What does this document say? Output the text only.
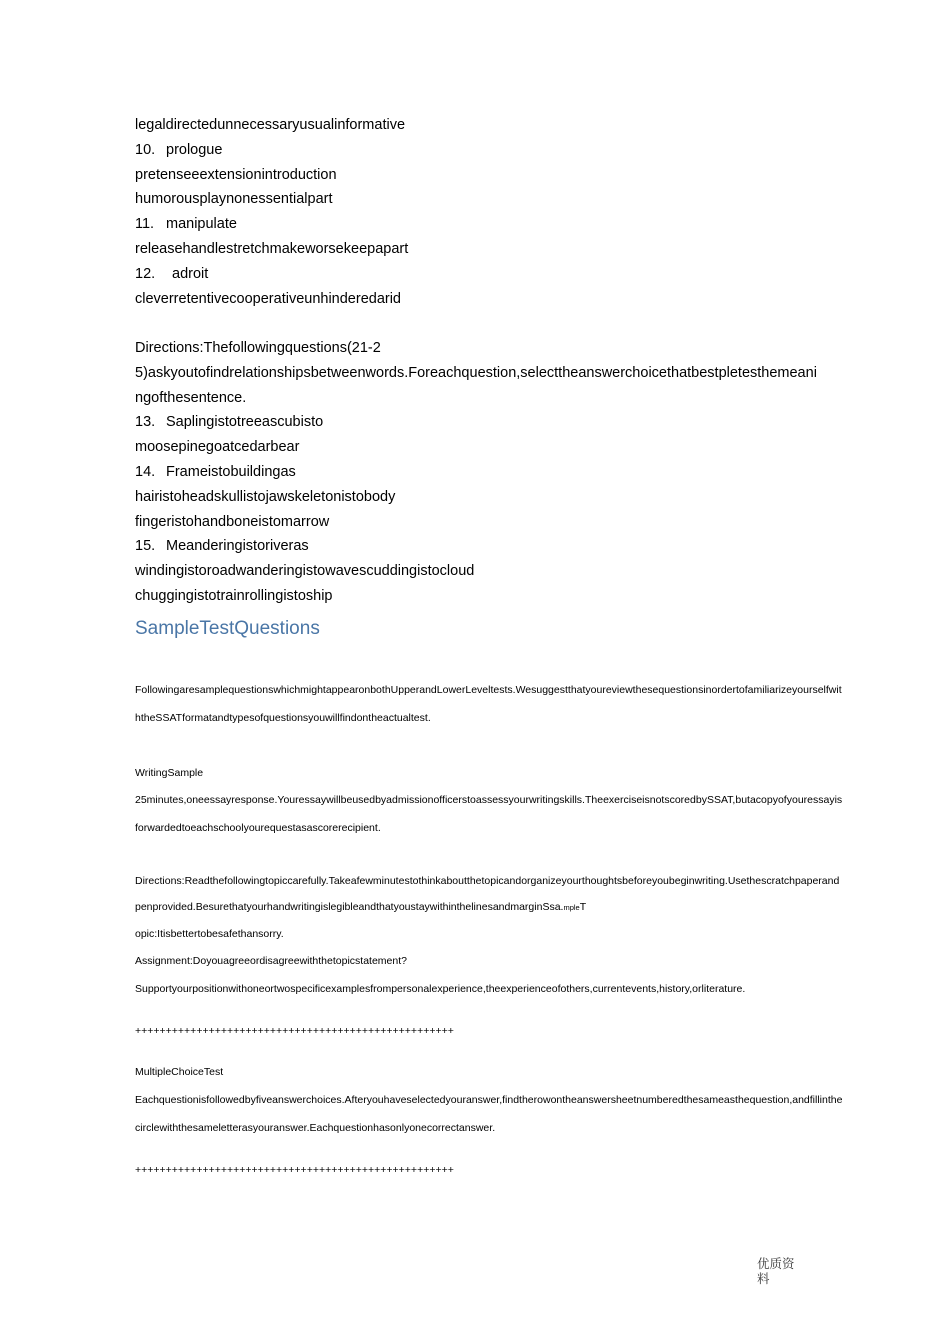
legaldirectedunnecessaryusualinformative
10. prologue
pretenseeextensionintroduction
humorousplaynonessentialpart
11. manipulate
releasehandlestretchmakeworsekeepapart
12. adroit
cleverretentivecooperativeunhinderedarid
Directions:Thefollowingquestions(21-2
5)askyoutofindrelationshipsbetweenwords.Foreachquestion,selecttheanswerchoicethatbestpletesthemeani
ngofthesentence.
13. Saplingistotreeascubisto
moosepinegoatcedarbear
14. Frameistobuildingas
hairistoheadskullistojawskeletonistobody
fingeristohandboneistomarrow
15. Meanderingistoriveras
windingistoroadwanderingistowavescuddingistocloud
chuggingistotrainrollingistoship
SampleTestQuestions
FollowingaresamplequestionswhichmightappearonbothUpperandLowerLeveltests.WesuggestthatyoureviewthesequestionsinordertofamiliarizeyourselfwiththeSSATformatandtypesofquestionsyouwillfindontheactualtest.
WritingSample
25minutes,oneessayresponse.Youressaywillbeusedbyadmissionofficerstoassessyourwritingskills.TheexerciseisnotscoredbySSAT,butacopyofyouressayisforwardedtoeachschoolyourequestasascorerecipient.
Directions:Readthefollowingtopiccarefully.Takeafewminutestothinkaboutthetopicandorganizeyourthoughtsbeforeyoubeginwriting.Usethescratchpaperandpenprovided.BesurethatyourhandwritingislegibleandthatyoustaywithinthelinesandmarginSsa.mpleT
opic:Itisbettertobesafethansorry.
Assignment:Doyouagreeordisagreewiththetopicstatement?
Supportyourpositionwithoneortwospecificexamplesfrompersonalexperience,theexperienceofothers,currentevents,history,orliterature.
++++++++++++++++++++++++++++++++++++++++++++++++++++
MultipleChoiceTest
Eachquestionisfollowedbyfiveanswerchoices.Afteryouhaveselectedyouranswer,findtherowontheanswersheetnumberedthesameasthequestion,andfillinthecirclewiththesameletterasyouranswer.Eachquestionhasonlyonecorrectanswer.
++++++++++++++++++++++++++++++++++++++++++++++++++++
优质资料
